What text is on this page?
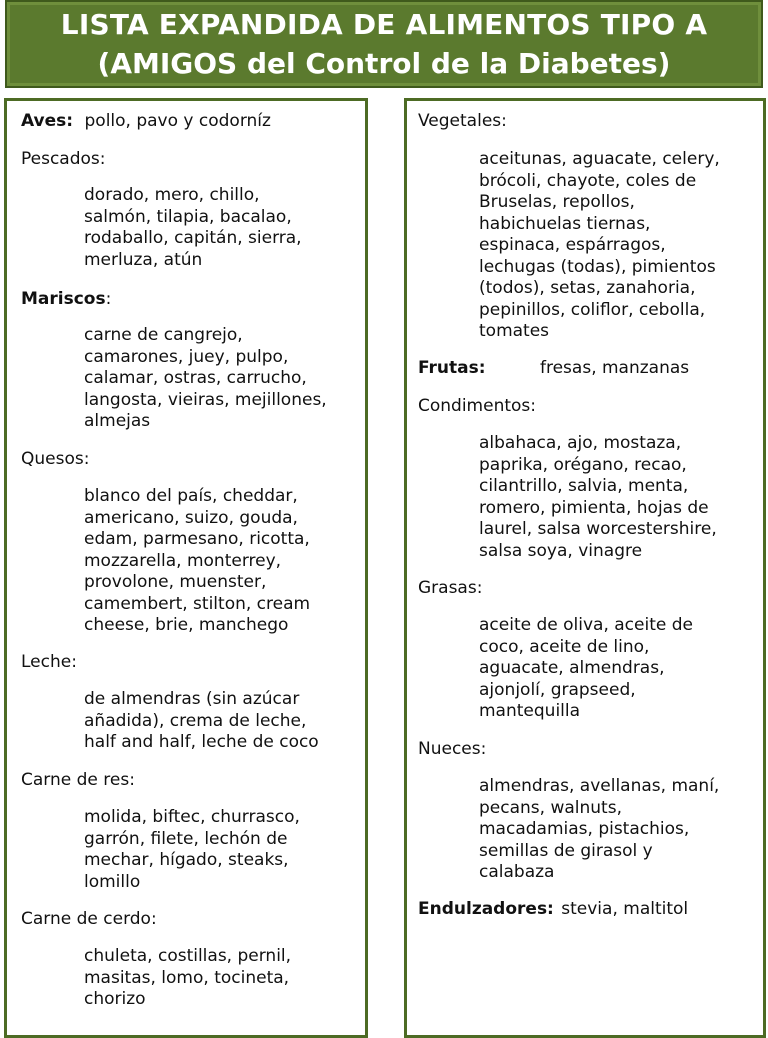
LISTA EXPANDIDA DE ALIMENTOS TIPO A
(AMIGOS del Control de la Diabetes)
Aves: pollo, pavo y codorníz
Pescados:
dorado, mero, chillo,
salmón, tilapia, bacalao,
rodaballo, capitán, sierra,
merluza, atún
Mariscos:
carne de cangrejo,
camarones, juey, pulpo,
calamar, ostras, carrucho,
langosta, vieiras, mejillones,
almejas
Quesos:
blanco del país, cheddar,
americano, suizo, gouda,
edam, parmesano, ricotta,
mozzarella, monterrey,
provolone, muenster,
camembert, stilton, cream
cheese, brie, manchego
Leche:
de almendras (sin azúcar
añadida), crema de leche,
half and half, leche de coco
Carne de res:
molida, biftec, churrasco,
garrón, filete, lechón de
mechar, hígado, steaks,
lomillo
Carne de cerdo:
chuleta, costillas, pernil,
masitas, lomo, tocineta,
chorizo
Vegetales:
aceitunas, aguacate, celery,
brócoli, chayote, coles de
Bruselas, repollos,
habichuelas tiernas,
espinaca, espárragos,
lechugas (todas), pimientos
(todos), setas, zanahoria,
pepinillos, coliflor, cebolla,
tomates
Frutas:	fresas, manzanas
Condimentos:
albahaca, ajo, mostaza,
paprika, orégano, recao,
cilantrillo, salvia, menta,
romero, pimienta, hojas de
laurel, salsa worcestershire,
salsa soya, vinagre
Grasas:
aceite de oliva, aceite de
coco, aceite de lino,
aguacate, almendras,
ajonjolí, grapseed,
mantequilla
Nueces:
almendras, avellanas, maní,
pecans, walnuts,
macadamias, pistachios,
semillas de girasol y
calabaza
Endulzadores: stevia, maltitol
